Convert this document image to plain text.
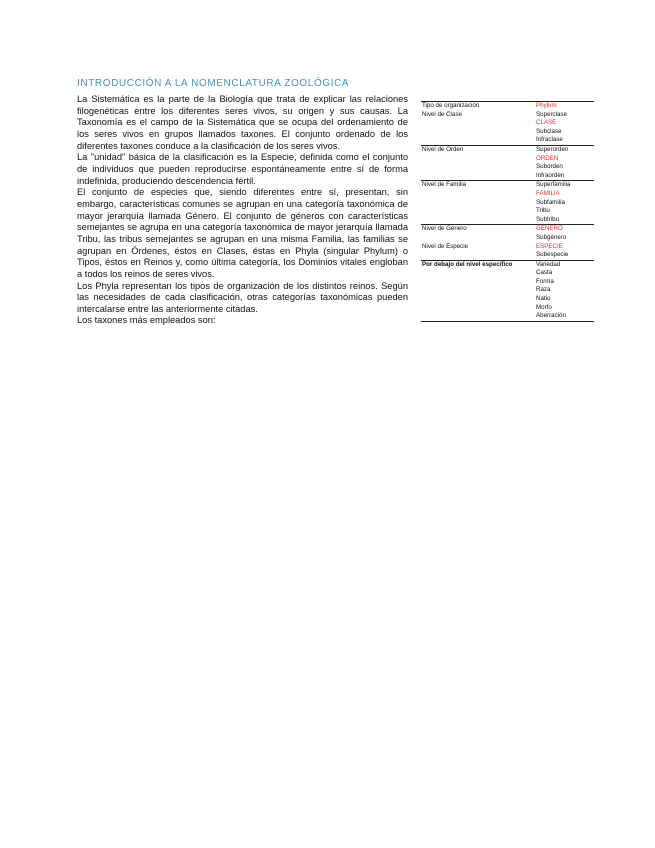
INTRODUCCIÓN A LA NOMENCLATURA ZOOLÓGICA

La Sistemática es la parte de la Biología que trata de explicar las relaciones filogenéticas entre los diferentes seres vivos, su origen y sus causas. La Taxonomía es el campo de la Sistemática que se ocupa del ordenamiento de los seres vivos en grupos llamados taxones. El conjunto ordenado de los diferentes taxones conduce a la clasificación de los seres vivos.

La "unidad" básica de la clasificación es la Especie, definida como el conjunto de individuos que pueden reproducirse espontáneamente entre sí de forma indefinida, produciendo descendencia fértil.

El conjunto de especies que, siendo diferentes entre sí, presentan, sin embargo, características comunes se agrupan en una categoría taxonómica de mayor jerarquía llamada Género. El conjunto de géneros con características semejantes se agrupa en una categoría taxonómica de mayor jerarquía llamada Tribu, las tribus semejantes se agrupan en una misma Familia, las familias se agrupan en Órdenes, éstos en Clases, éstas en Phyla (singular Phylum) o Tipos, éstos en Reinos y, como última categoría, los Dominios vitales engloban a todos los reinos de seres vivos.

Los Phyla representan los tipos de organización de los distintos reinos. Según las necesidades de cada clasificación, otras categorías taxonómicas pueden intercalarse entre las anteriormente citadas.

Los taxones más empleados son:

Tipo de organización	Phylum
Nivel de Clase	Superclase
	CLASE
	Subclase
	Infraclase
Nivel de Orden	Superorden
	ORDEN
	Suborden
	Infraorden
Nivel de Familia	Superfamilia
	FAMILIA
	Subfamilia
	Tribu
	Subtribu
Nivel de Género	GÉNERO
	Subgénero
Nivel de Especie	ESPECIE
	Subespecie
Por debajo del nivel específico	Variedad
	Casta
	Forma
	Raza
	Natio
	Morfo
	Aberración
